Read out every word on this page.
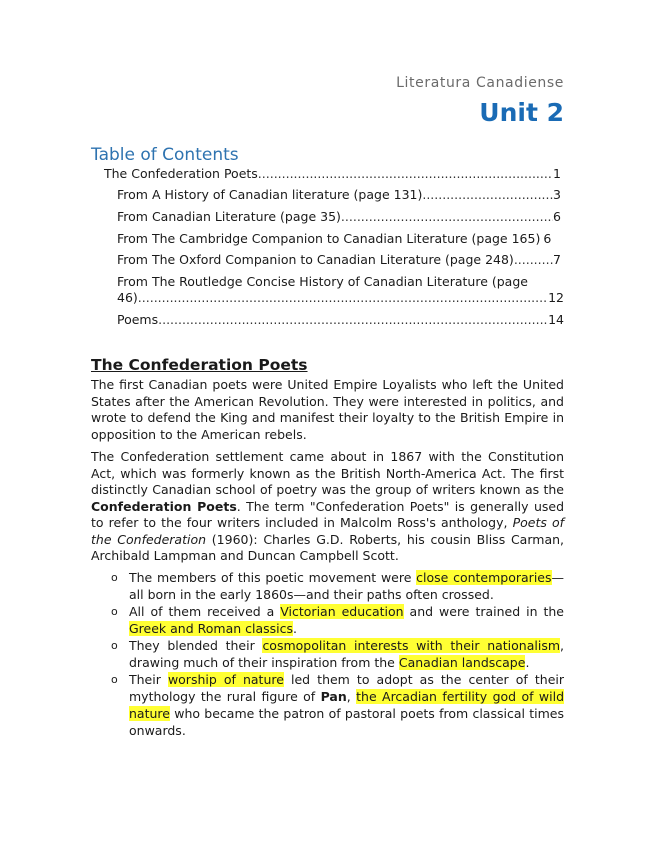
Literatura Canadiense
Unit 2
Table of Contents
The Confederation Poets .....	1
From A History of Canadian literature (page 131) .....	3
From Canadian Literature (page 35) .....	6
From The Cambridge Companion to Canadian Literature (page 165) 6
From The Oxford Companion to Canadian Literature (page 248) .....	7
From The Routledge Concise History of Canadian Literature (page
46) .....	12
Poems .....	14
The Confederation Poets
The first Canadian poets were United Empire Loyalists who left the United States after the American Revolution. They were interested in politics, and wrote to defend the King and manifest their loyalty to the British Empire in opposition to the American rebels.
The Confederation settlement came about in 1867 with the Constitution Act, which was formerly known as the British North-America Act. The first distinctly Canadian school of poetry was the group of writers known as the Confederation Poets. The term "Confederation Poets" is generally used to refer to the four writers included in Malcolm Ross's anthology, Poets of the Confederation (1960): Charles G.D. Roberts, his cousin Bliss Carman, Archibald Lampman and Duncan Campbell Scott.
o The members of this poetic movement were close contemporaries—all born in the early 1860s—and their paths often crossed.
o All of them received a Victorian education and were trained in the Greek and Roman classics.
o They blended their cosmopolitan interests with their nationalism, drawing much of their inspiration from the Canadian landscape.
o Their worship of nature led them to adopt as the center of their mythology the rural figure of Pan, the Arcadian fertility god of wild nature who became the patron of pastoral poets from classical times onwards.
